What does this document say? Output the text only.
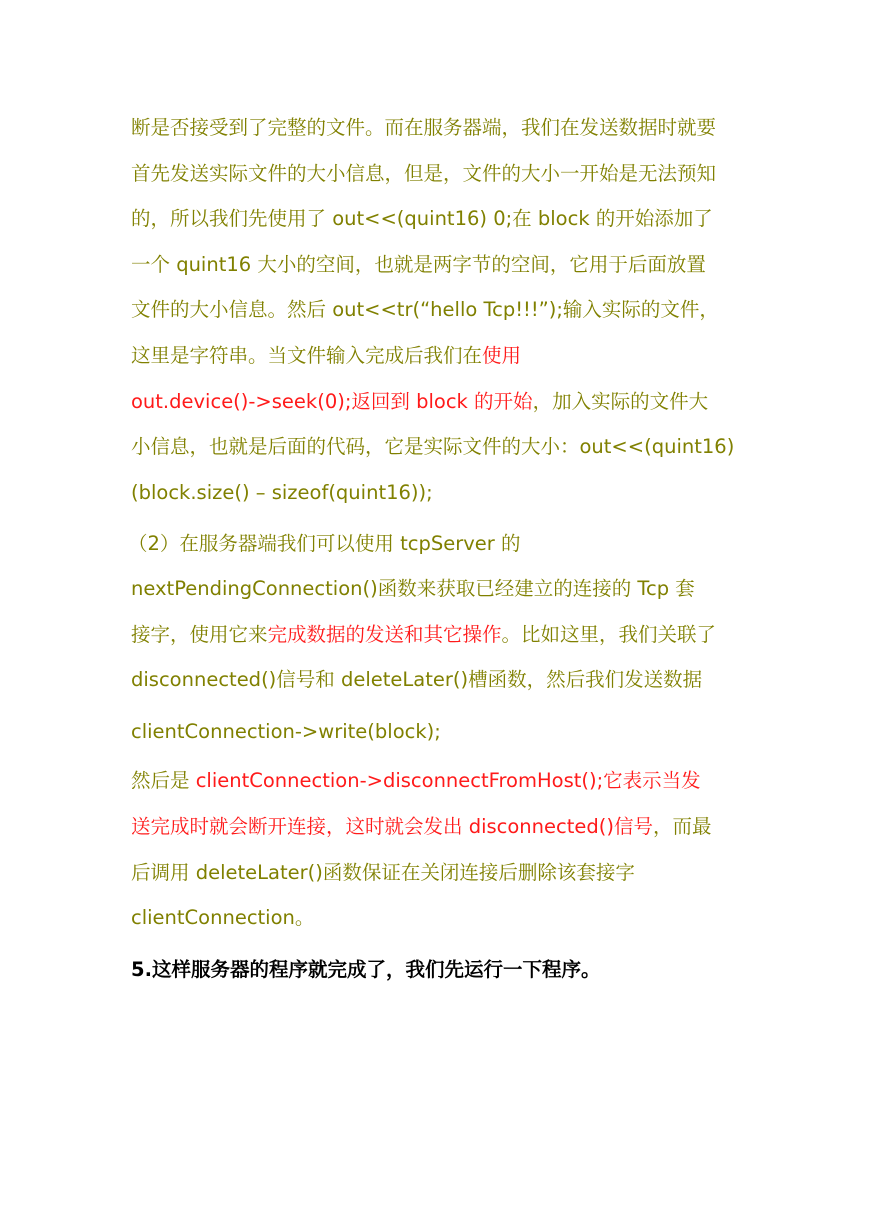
断是否接受到了完整的文件。而在服务器端，我们在发送数据时就要
首先发送实际文件的大小信息，但是，文件的大小一开始是无法预知
的，所以我们先使用了 out<<(quint16) 0;在 block 的开始添加了
一个 quint16 大小的空间，也就是两字节的空间，它用于后面放置
文件的大小信息。然后 out<<tr(“hello Tcp!!!”);输入实际的文件，
这里是字符串。当文件输入完成后我们在使用
out.device()->seek(0);返回到 block 的开始，加入实际的文件大
小信息，也就是后面的代码，它是实际文件的大小：out<<(quint16)
(block.size() – sizeof(quint16));
（2）在服务器端我们可以使用 tcpServer 的
nextPendingConnection()函数来获取已经建立的连接的 Tcp 套
接字，使用它来完成数据的发送和其它操作。比如这里，我们关联了
disconnected()信号和 deleteLater()槽函数，然后我们发送数据
clientConnection->write(block);
然后是 clientConnection->disconnectFromHost();它表示当发
送完成时就会断开连接，这时就会发出 disconnected()信号，而最
后调用 deleteLater()函数保证在关闭连接后删除该套接字
clientConnection。
5.这样服务器的程序就完成了，我们先运行一下程序。
